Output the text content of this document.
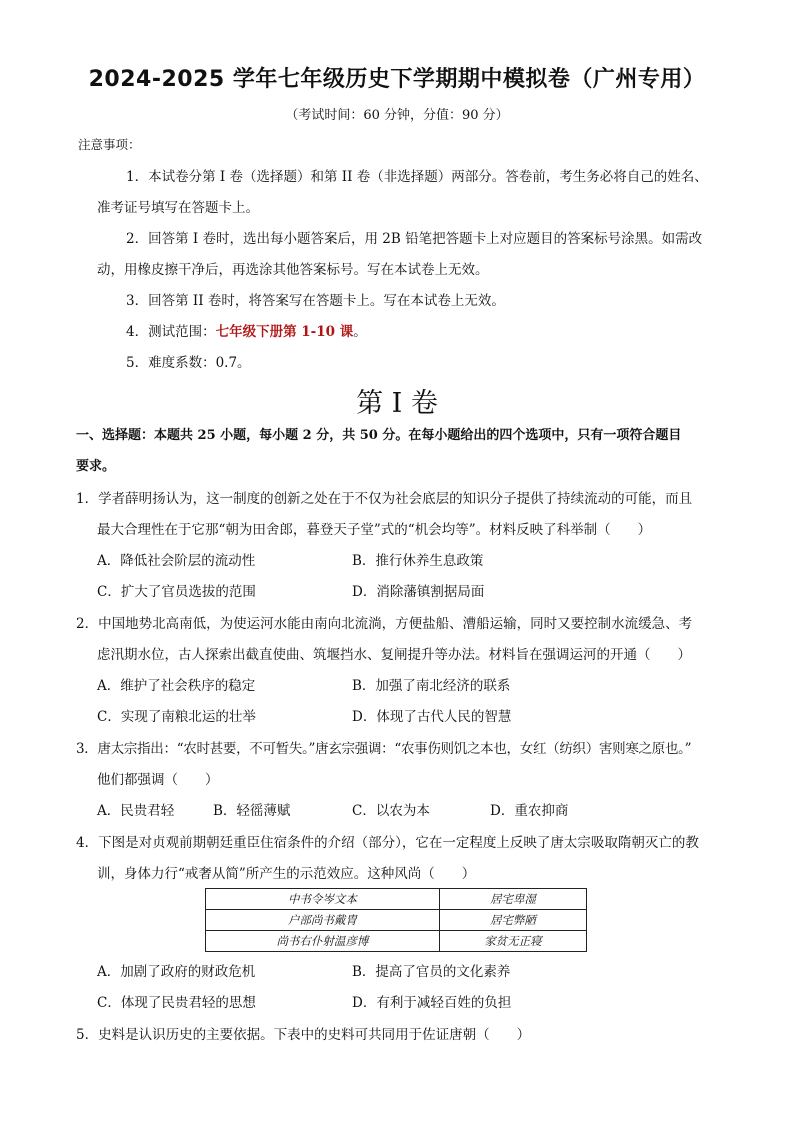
2024-2025 学年七年级历史下学期期中模拟卷（广州专用）
（考试时间：60 分钟，分值：90 分）
注意事项：
1．本试卷分第 I 卷（选择题）和第 II 卷（非选择题）两部分。答卷前，考生务必将自己的姓名、
准考证号填写在答题卡上。
2．回答第 I 卷时，选出每小题答案后，用 2B 铅笔把答题卡上对应题目的答案标号涂黑。如需改
动，用橡皮擦干净后，再选涂其他答案标号。写在本试卷上无效。
3．回答第 II 卷时，将答案写在答题卡上。写在本试卷上无效。
4．测试范围：七年级下册第 1-10 课。
5．难度系数：0.7。
第 I 卷
一、选择题：本题共 25 小题，每小题 2 分，共 50 分。在每小题给出的四个选项中，只有一项符合题目
要求。
1．学者薛明扬认为，这一制度的创新之处在于不仅为社会底层的知识分子提供了持续流动的可能，而且
最大合理性在于它那“朝为田舍郎，暮登天子堂”式的“机会均等”。材料反映了科举制（　　）
A．降低社会阶层的流动性	B．推行休养生息政策
C．扩大了官员选拔的范围	D．消除藩镇割据局面
2．中国地势北高南低，为使运河水能由南向北流淌，方便盐船、漕船运输，同时又要控制水流缓急、考
虑汛期水位，古人探索出截直使曲、筑堰挡水、复闸提升等办法。材料旨在强调运河的开通（　　）
A．维护了社会秩序的稳定	B．加强了南北经济的联系
C．实现了南粮北运的壮举	D．体现了古代人民的智慧
3．唐太宗指出：“农时甚要，不可暂失。”唐玄宗强调：“农事伤则饥之本也，女红（纺织）害则寒之原也。”
他们都强调（　　）
A．民贵君轻	B．轻徭薄赋	C．以农为本	D．重农抑商
4．下图是对贞观前期朝廷重臣住宿条件的介绍（部分），它在一定程度上反映了唐太宗吸取隋朝灭亡的教
训，身体力行“戒奢从简”所产生的示范效应。这种风尚（　　）
中书令岑文本	居宅卑湿
户部尚书戴胄	居宅弊陋
尚书右仆射温彦博	家贫无正寝
A．加剧了政府的财政危机	B．提高了官员的文化素养
C．体现了民贵君轻的思想	D．有利于减轻百姓的负担
5．史料是认识历史的主要依据。下表中的史料可共同用于佐证唐朝（　　）
